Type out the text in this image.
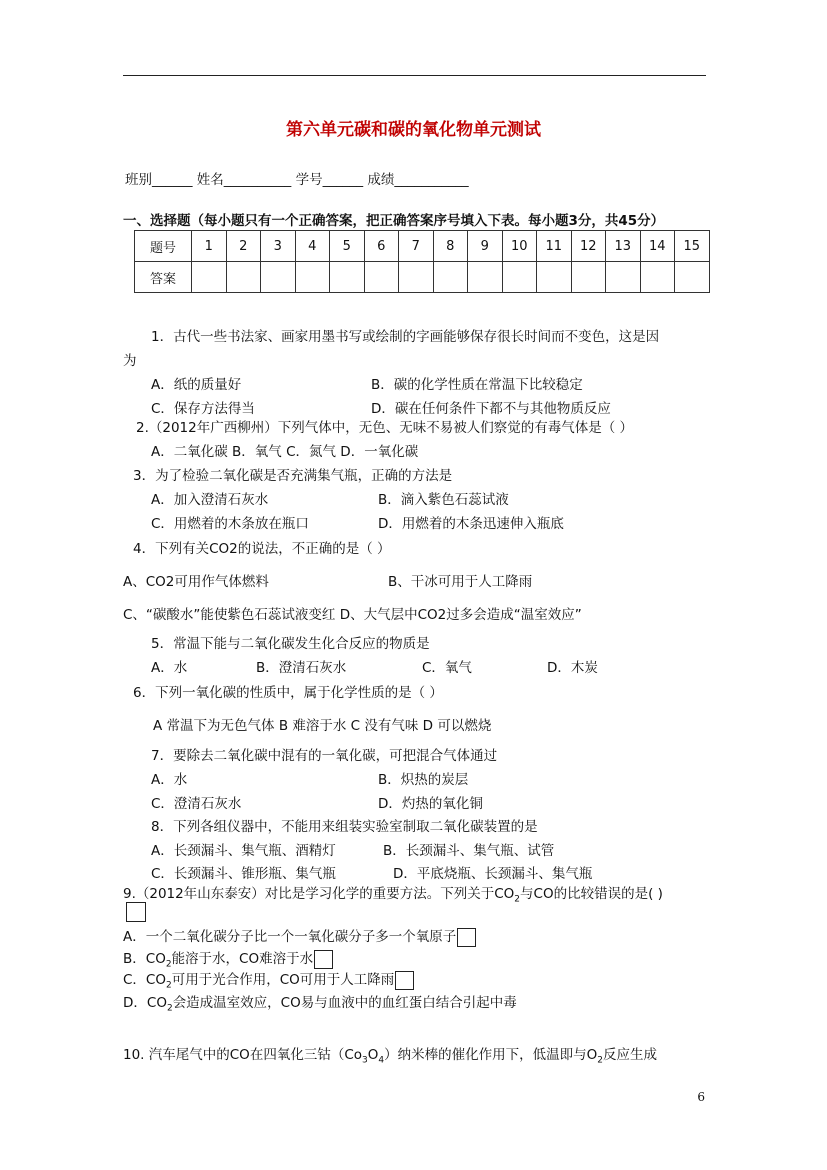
第六单元碳和碳的氧化物单元测试
班别______ 姓名__________ 学号______ 成绩___________
一、选择题（每小题只有一个正确答案，把正确答案序号填入下表。每小题3分，共45分）
题号	1	2	3	4	5	6	7	8	9	10	11	12	13	14	15
答案															
1．古代一些书法家、画家用墨书写或绘制的字画能够保存很长时间而不变色，这是因
为
A．纸的质量好	B．碳的化学性质在常温下比较稳定
C．保存方法得当	D．碳在任何条件下都不与其他物质反应
2.（2012年广西柳州）下列气体中，无色、无味不易被人们察觉的有毒气体是（ ）
A．二氧化碳 B．氧气 C．氮气 D．一氧化碳
3．为了检验二氧化碳是否充满集气瓶，正确的方法是
A．加入澄清石灰水	B．滴入紫色石蕊试液
C．用燃着的木条放在瓶口	D．用燃着的木条迅速伸入瓶底
4．下列有关CO2的说法，不正确的是（ ）
A、CO2可用作气体燃料	B、干冰可用于人工降雨
C、“碳酸水”能使紫色石蕊试液变红 D、大气层中CO2过多会造成“温室效应”
5．常温下能与二氧化碳发生化合反应的物质是
A．水	B．澄清石灰水	C．氧气	D．木炭
6．下列一氧化碳的性质中，属于化学性质的是（ ）
A 常温下为无色气体 B 难溶于水 C 没有气味 D 可以燃烧
7．要除去二氧化碳中混有的一氧化碳，可把混合气体通过
A．水	B．炽热的炭层
C．澄清石灰水	D．灼热的氧化铜
8．下列各组仪器中，不能用来组装实验室制取二氧化碳装置的是
A．长颈漏斗、集气瓶、酒精灯	B．长颈漏斗、集气瓶、试管
C．长颈漏斗、锥形瓶、集气瓶	D．平底烧瓶、长颈漏斗、集气瓶
9.（2012年山东泰安）对比是学习化学的重要方法。下列关于$CO_2$与CO的比较错误的是( )
A．一个二氧化碳分子比一个一氧化碳分子多一个氧原子
B．$CO_2$能溶于水，CO难溶于水
C．$CO_2$可用于光合作用，CO可用于人工降雨
D．$CO_2$会造成温室效应，CO易与血液中的血红蛋白结合引起中毒
10. 汽车尾气中的CO在四氧化三钴$(Co_3O_4)$纳米棒的催化作用下，低温即与$O_2$反应生成
6
